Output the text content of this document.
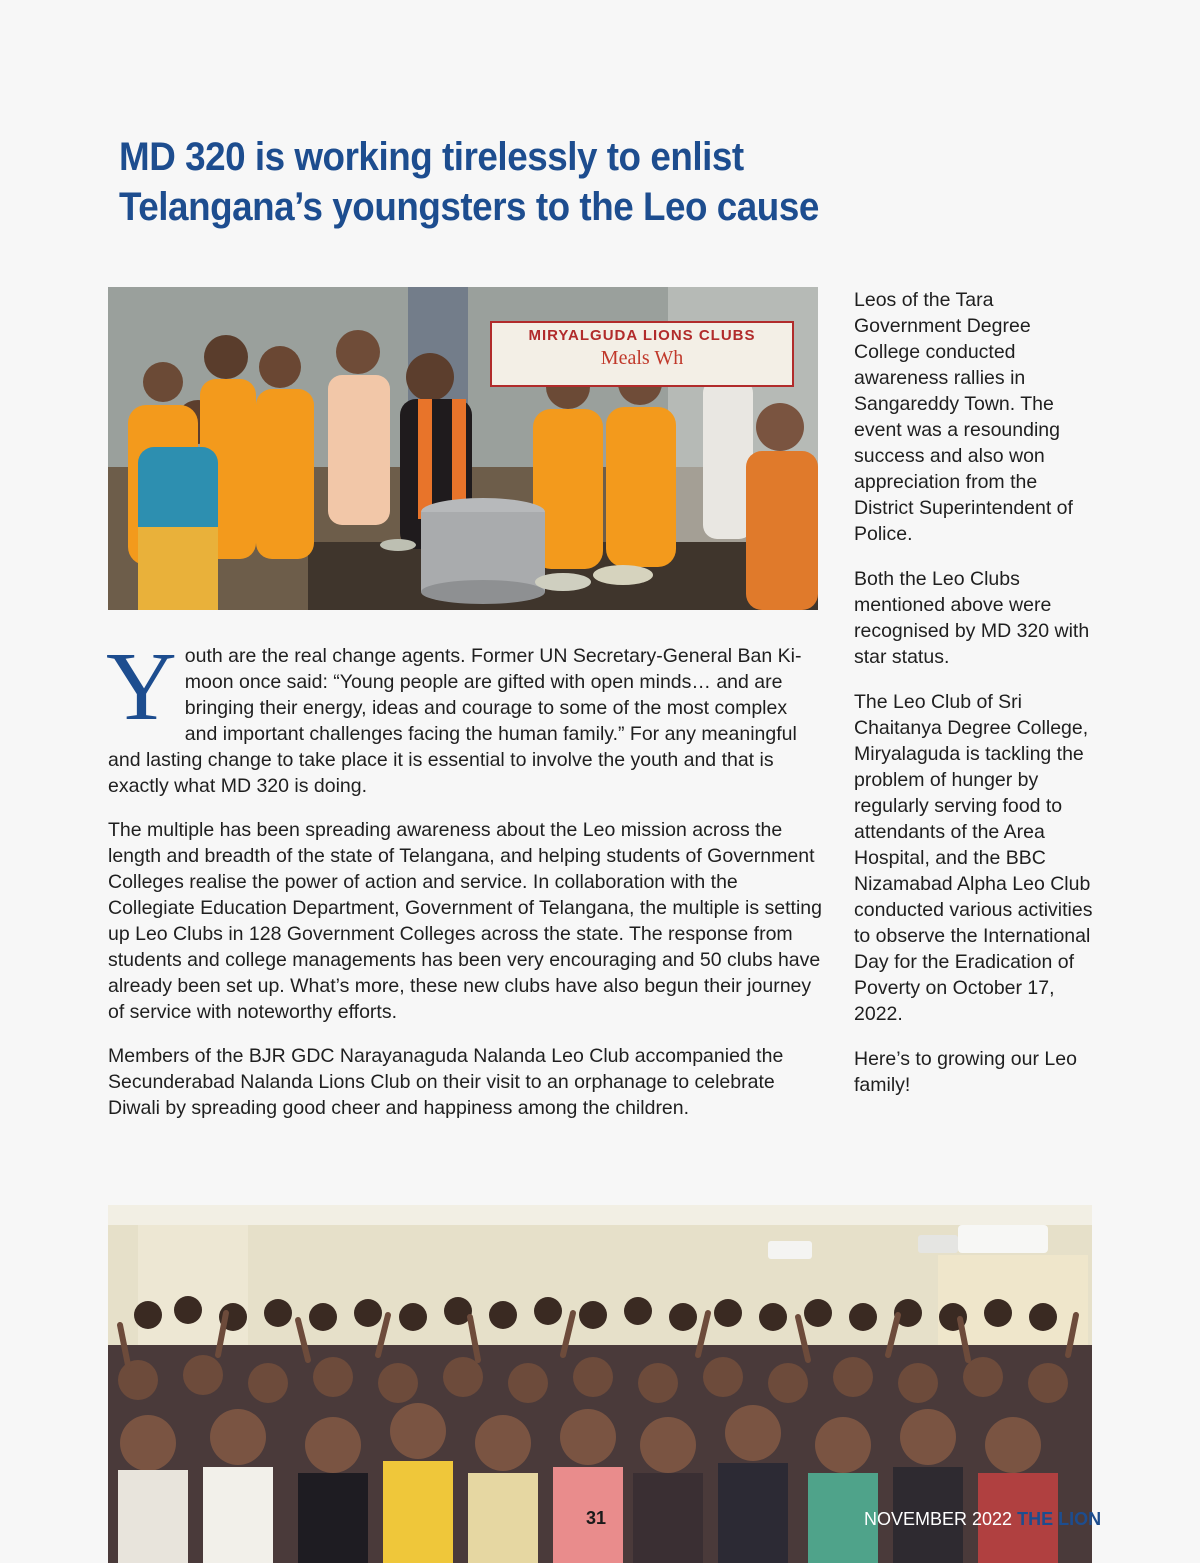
MD 320 is working tirelessly to enlist
Telangana’s youngsters to the Leo cause
MIRYALGUDA LIONS CLUBS
Meals Wh

Youth are the real change agents. Former UN Secretary-General Ban Ki-moon once said: “Young people are gifted with open minds… and are bringing their energy, ideas and courage to some of the most complex and important challenges facing the human family.” For any meaningful and lasting change to take place it is essential to involve the youth and that is exactly what MD 320 is doing.

The multiple has been spreading awareness about the Leo mission across the length and breadth of the state of Telangana, and helping students of Government Colleges realise the power of action and service. In collaboration with the Collegiate Education Department, Government of Telangana, the multiple is setting up Leo Clubs in 128 Government Colleges across the state. The response from students and college managements has been very encouraging and 50 clubs have already been set up. What’s more, these new clubs have also begun their journey of service with noteworthy efforts.

Members of the BJR GDC Narayanaguda Nalanda Leo Club accompanied the Secunderabad Nalanda Lions Club on their visit to an orphanage to celebrate Diwali by spreading good cheer and happiness among the children.

Leos of the Tara Government Degree College conducted awareness rallies in Sangareddy Town. The event was a resounding success and also won appreciation from the District Superintendent of Police.

Both the Leo Clubs mentioned above were recognised by MD 320 with star status.

The Leo Club of Sri Chaitanya Degree College, Miryalaguda is tackling the problem of hunger by regularly serving food to attendants of the Area Hospital, and the BBC Nizamabad Alpha Leo Club conducted various activities to observe the International Day for the Eradication of Poverty on October 17, 2022.

Here’s to growing our Leo family!

31	NOVEMBER 2022 THE LION
